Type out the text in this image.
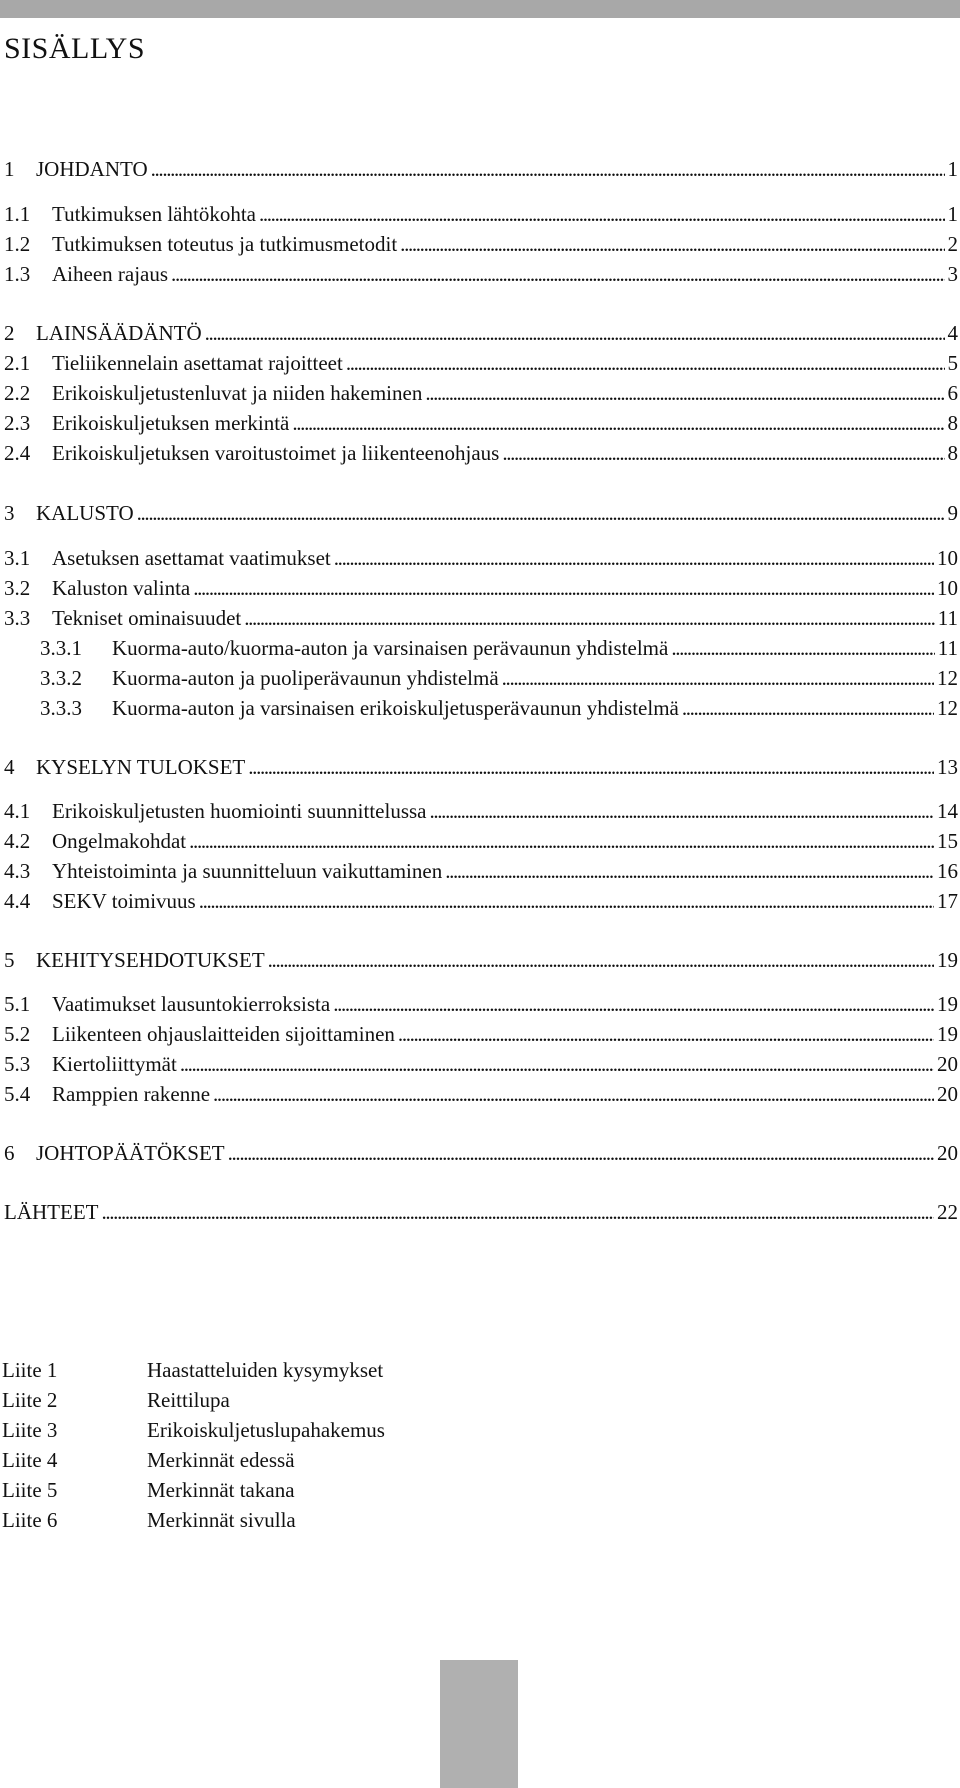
SISÄLLYS
1	JOHDANTO . . .	1
1.1	Tutkimuksen lähtökohta . . .	1
1.2	Tutkimuksen toteutus ja tutkimusmetodit . . .	2
1.3	Aiheen rajaus . . .	3
2	LAINSÄÄDÄNTÖ . . .	4
2.1	Tieliikennelain asettamat rajoitteet . . .	5
2.2	Erikoiskuljetustenluvat ja niiden hakeminen . . .	6
2.3	Erikoiskuljetuksen merkintä . . .	8
2.4	Erikoiskuljetuksen varoitustoimet ja liikenteenohjaus . . .	8
3	KALUSTO . . .	9
3.1	Asetuksen asettamat vaatimukset . . .	10
3.2	Kaluston valinta . . .	10
3.3	Tekniset ominaisuudet . . .	11
3.3.1	Kuorma-auto/kuorma-auton ja varsinaisen perävaunun yhdistelmä . . .	11
3.3.2	Kuorma-auton ja puoliperävaunun yhdistelmä . . .	12
3.3.3	Kuorma-auton ja varsinaisen erikoiskuljetusperävaunun yhdistelmä . . .	12
4	KYSELYN TULOKSET . . .	13
4.1	Erikoiskuljetusten huomiointi suunnittelussa . . .	14
4.2	Ongelmakohdat . . .	15
4.3	Yhteistoiminta ja suunnitteluun vaikuttaminen . . .	16
4.4	SEKV toimivuus . . .	17
5	KEHITYSEHDOTUKSET . . .	19
5.1	Vaatimukset lausuntokierroksista . . .	19
5.2	Liikenteen ohjauslaitteiden sijoittaminen . . .	19
5.3	Kiertoliittymät . . .	20
5.4	Ramppien rakenne . . .	20
6	JOHTOPÄÄTÖKSET . . .	20
LÄHTEET . . .	22
Liite 1	Haastatteluiden kysymykset
Liite 2	Reittilupa
Liite 3	Erikoiskuljetuslupahakemus
Liite 4	Merkinnät edessä
Liite 5	Merkinnät takana
Liite 6	Merkinnät sivulla
